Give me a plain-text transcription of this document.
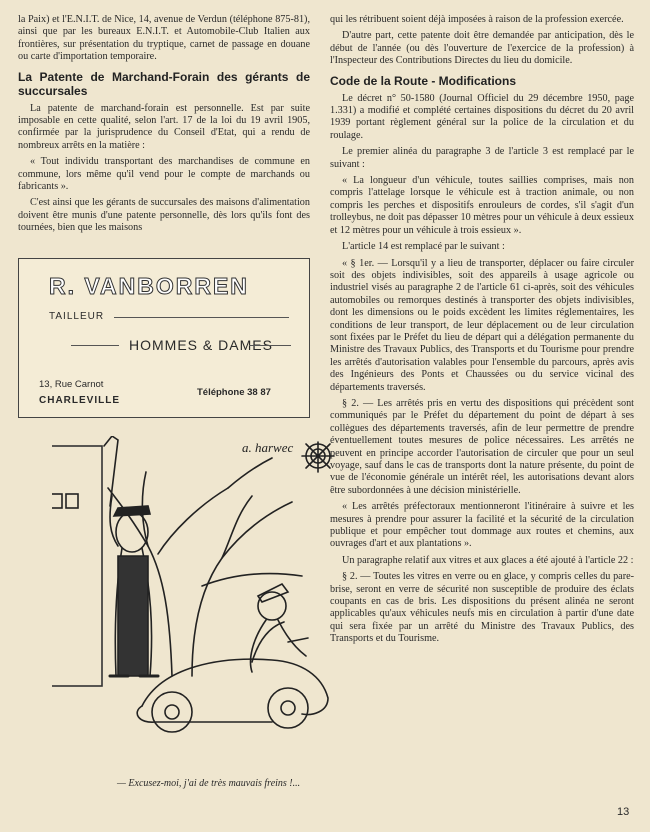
la Paix) et l'E.N.I.T. de Nice, 14, avenue de Verdun (téléphone 875-81), ainsi que par les bureaux E.N.I.T. et Automobile-Club Italien aux frontières, sur présentation du tryptique, carnet de passage en douane ou carte d'importation temporaire.

La Patente de Marchand-Forain des gérants de succursales

La patente de marchand-forain est personnelle. Est par suite imposable en cette qualité, selon l'art. 17 de la loi du 19 avril 1905, confirmée par la jurisprudence du Conseil d'Etat, qui a rendu de nombreux arrêts en la matière :

« Tout individu transportant des marchandises de commune en commune, lors même qu'il vend pour le compte de marchands ou fabricants ».

C'est ainsi que les gérants de succursales des maisons d'alimentation doivent être munis d'une patente personnelle, dès lors qu'ils font des tournées, bien que les maisons

R. VANBORREN
TAILLEUR
HOMMES & DAMES
13, Rue Carnot
CHARLEVILLE
Téléphone 38 87
a. harwec
— Excusez-moi, j'ai de très mauvais freins !...

qui les rétribuent soient déjà imposées à raison de la profession exercée.

D'autre part, cette patente doit être demandée par anticipation, dès le début de l'année (ou dès l'ouverture de l'exercice de la profession) à l'Inspecteur des Contributions Directes du lieu du domicile.

Code de la Route - Modifications

Le décret n° 50-1580 (Journal Officiel du 29 décembre 1950, page 1.331) a modifié et complété certaines dispositions du décret du 20 avril 1939 portant règlement général sur la police de la circulation et du roulage.

Le premier alinéa du paragraphe 3 de l'article 3 est remplacé par le suivant :

« La longueur d'un véhicule, toutes saillies comprises, mais non compris l'attelage lorsque le véhicule est à traction animale, ou non compris les perches et dispositifs enrouleurs de cordes, s'il s'agit d'un trolleybus, ne doit pas dépasser 10 mètres pour un véhicule à deux essieux et 12 mètres pour un véhicule à trois essieux ».

L'article 14 est remplacé par le suivant :

« § 1er. — Lorsqu'il y a lieu de transporter, déplacer ou faire circuler soit des objets indivisibles, soit des appareils à usage agricole ou industriel visés au paragraphe 2 de l'article 61 ci-après, soit des véhicules automobiles ou remorques destinés à transporter des objets indivisibles, dont les dimensions ou le poids excèdent les limites réglementaires, les conditions de leur transport, de leur déplacement ou de leur circulation sont fixées par le Préfet du lieu de départ qui a délégation permanente du Ministre des Travaux Publics, des Transports et du Tourisme pour prendre les arrêtés d'autorisation valables pour l'ensemble du parcours, après avis des Ingénieurs des Ponts et Chaussées ou du service vicinal des départements traversés.

§ 2. — Les arrêtés pris en vertu des dispositions qui précèdent sont communiqués par le Préfet du département du point de départ à ses collègues des départements traversés, afin de leur permettre de prendre éventuellement toutes mesures de police nécessaires. Les arrêtés ne peuvent en principe accorder l'autorisation de circuler que pour un seul voyage, sauf dans le cas de transports dont la nature présente, du point de vue de l'économie générale un intérêt réel, les autorisations devant alors être subordonnées à une décision ministérielle.

« Les arrêtés préfectoraux mentionneront l'itinéraire à suivre et les mesures à prendre pour assurer la facilité et la sécurité de la circulation publique et pour empêcher tout dommage aux routes et chemins, aux ouvrages d'art et aux plantations ».

Un paragraphe relatif aux vitres et aux glaces a été ajouté à l'article 22 :

§ 2. — Toutes les vitres en verre ou en glace, y compris celles du pare-brise, seront en verre de sécurité non susceptible de produire des éclats coupants en cas de bris. Les dispositions du présent alinéa ne seront applicables qu'aux véhicules neufs mis en circulation à partir d'une date qui sera fixée par un arrêté du Ministre des Travaux Publics, des Transports et du Tourisme.

13
